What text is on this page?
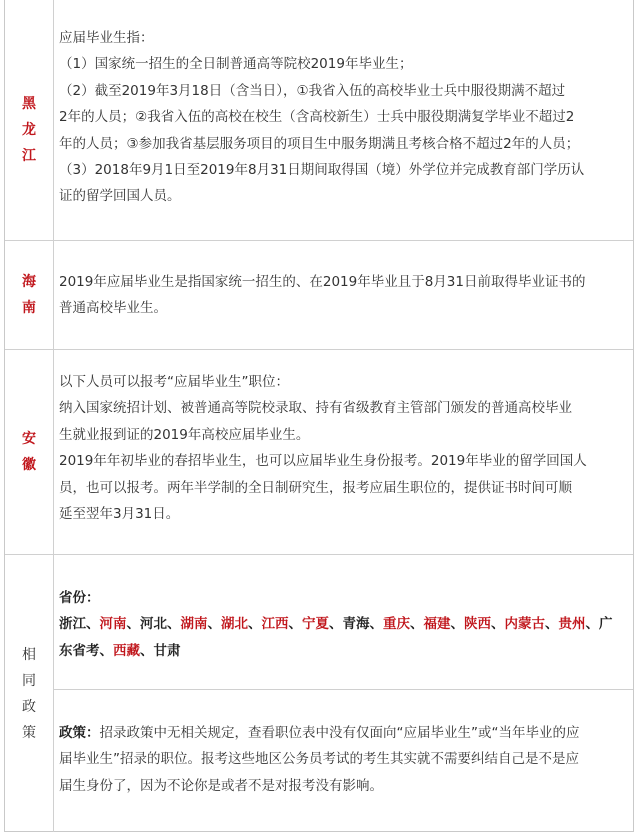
黑
龙
江

应届毕业生指：

（1）国家统一招生的全日制普通高等院校2019年毕业生；

（2）截至2019年3月18日（含当日），①我省入伍的高校毕业士兵中服役期满不超过

2年的人员；②我省入伍的高校在校生（含高校新生）士兵中服役期满复学毕业不超过2

年的人员；③参加我省基层服务项目的项目生中服务期满且考核合格不超过2年的人员；

（3）2018年9月1日至2019年8月31日期间取得国（境）外学位并完成教育部门学历认

证的留学回国人员。

海
南

2019年应届毕业生是指国家统一招生的、在2019年毕业且于8月31日前取得毕业证书的

普通高校毕业生。

安
徽

以下人员可以报考“应届毕业生”职位：

纳入国家统招计划、被普通高等院校录取、持有省级教育主管部门颁发的普通高校毕业

生就业报到证的2019年高校应届毕业生。

2019年年初毕业的春招毕业生，也可以应届毕业生身份报考。2019年毕业的留学回国人

员，也可以报考。两年半学制的全日制研究生，报考应届生职位的，提供证书时间可顺

延至翌年3月31日。

相
同
政
策

省份：

浙江、河南、河北、湖南、湖北、江西、宁夏、青海、重庆、福建、陕西、内蒙古、贵州、广东省考、西藏、甘肃

政策：招录政策中无相关规定，查看职位表中没有仅面向“应届毕业生”或“当年毕业的应

届毕业生”招录的职位。报考这些地区公务员考试的考生其实就不需要纠结自己是不是应

届生身份了，因为不论你是或者不是对报考没有影响。
